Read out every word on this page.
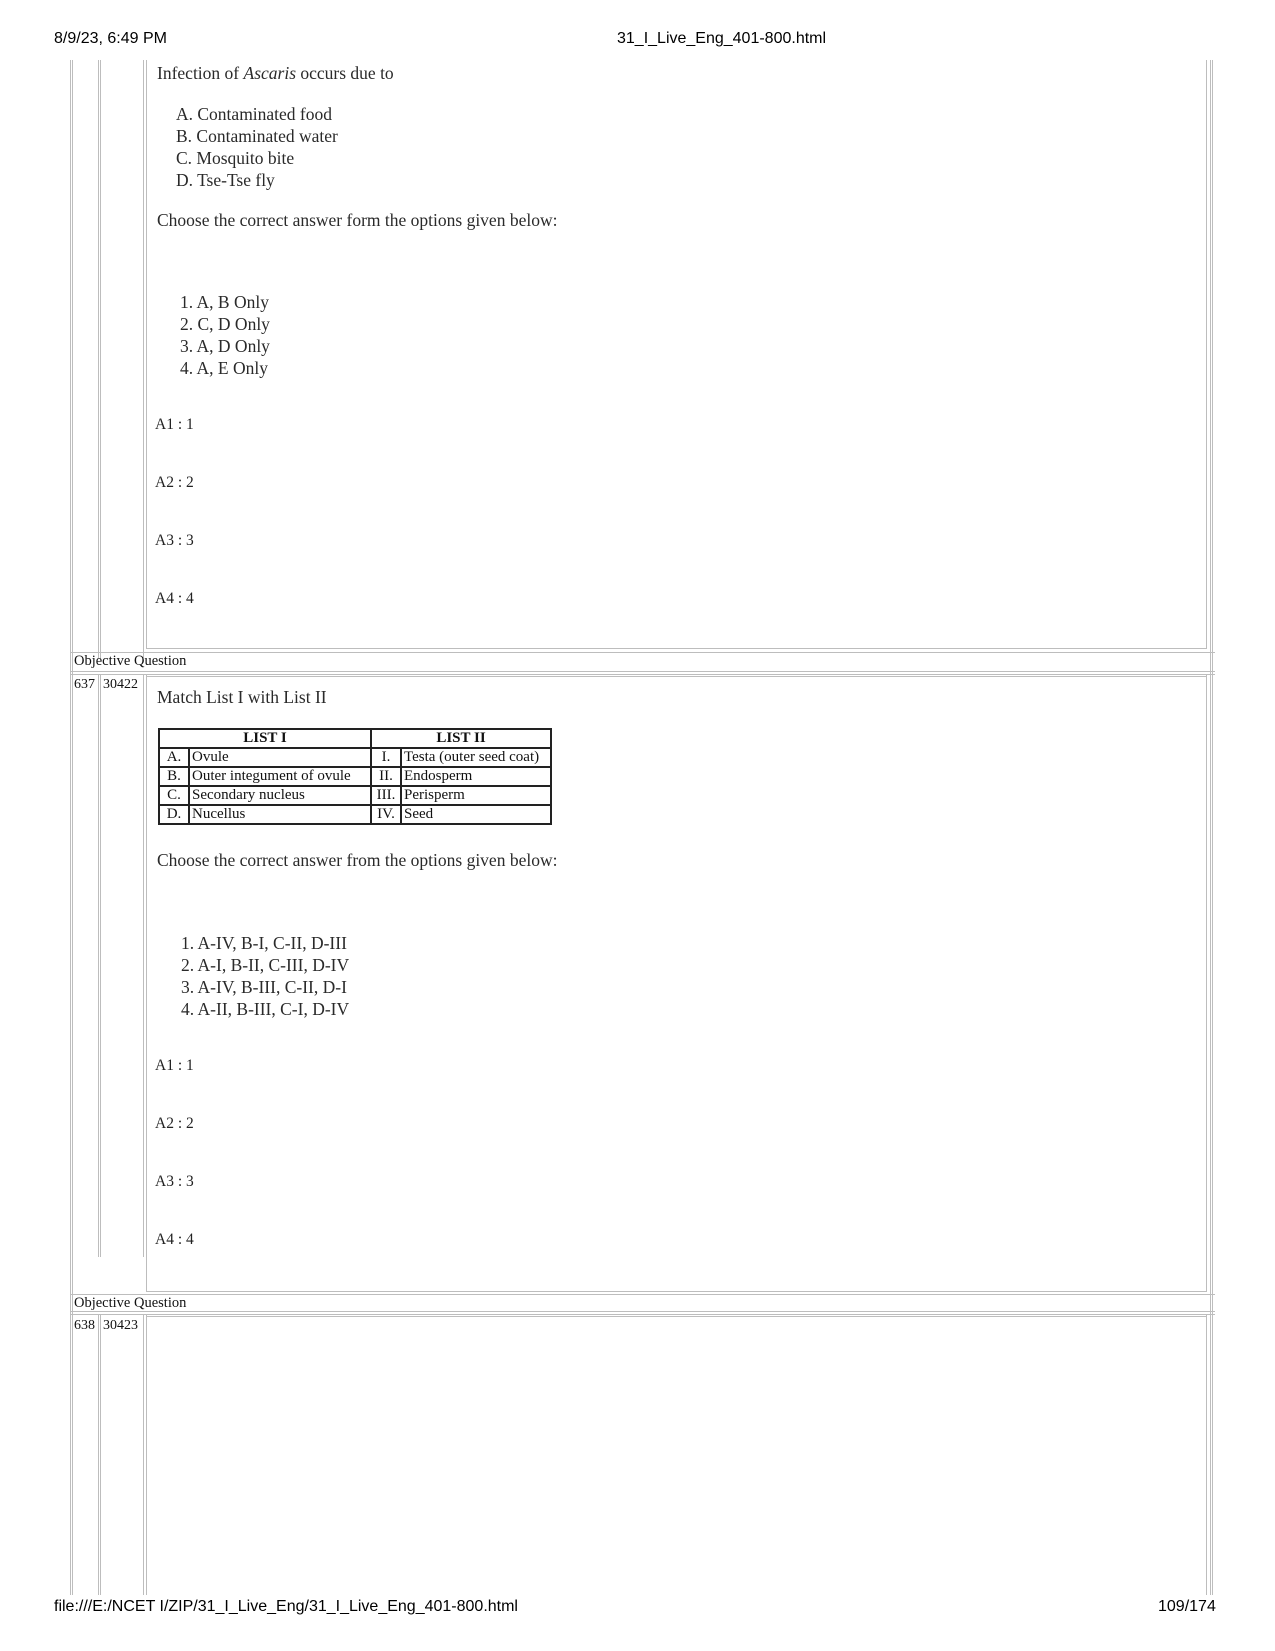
8/9/23, 6:49 PM	31_I_Live_Eng_401-800.html
Infection of Ascaris occurs due to
A. Contaminated food
B. Contaminated water
C. Mosquito bite
D. Tse-Tse fly
Choose the correct answer form the options given below:
1. A, B Only
2. C, D Only
3. A, D Only
4. A, E Only
A1 : 1
A2 : 2
A3 : 3
A4 : 4
Objective Question
637 30422
Match List I with List II
LIST I		LIST II	
A.	Ovule	I.	Testa (outer seed coat)
B.	Outer integument of ovule	II.	Endosperm
C.	Secondary nucleus	III.	Perisperm
D.	Nucellus	IV.	Seed
Choose the correct answer from the options given below:
1. A-IV, B-I, C-II, D-III
2. A-I, B-II, C-III, D-IV
3. A-IV, B-III, C-II, D-I
4. A-II, B-III, C-I, D-IV
A1 : 1
A2 : 2
A3 : 3
A4 : 4
Objective Question
638 30423
file:///E:/NCET I/ZIP/31_I_Live_Eng/31_I_Live_Eng_401-800.html	109/174
